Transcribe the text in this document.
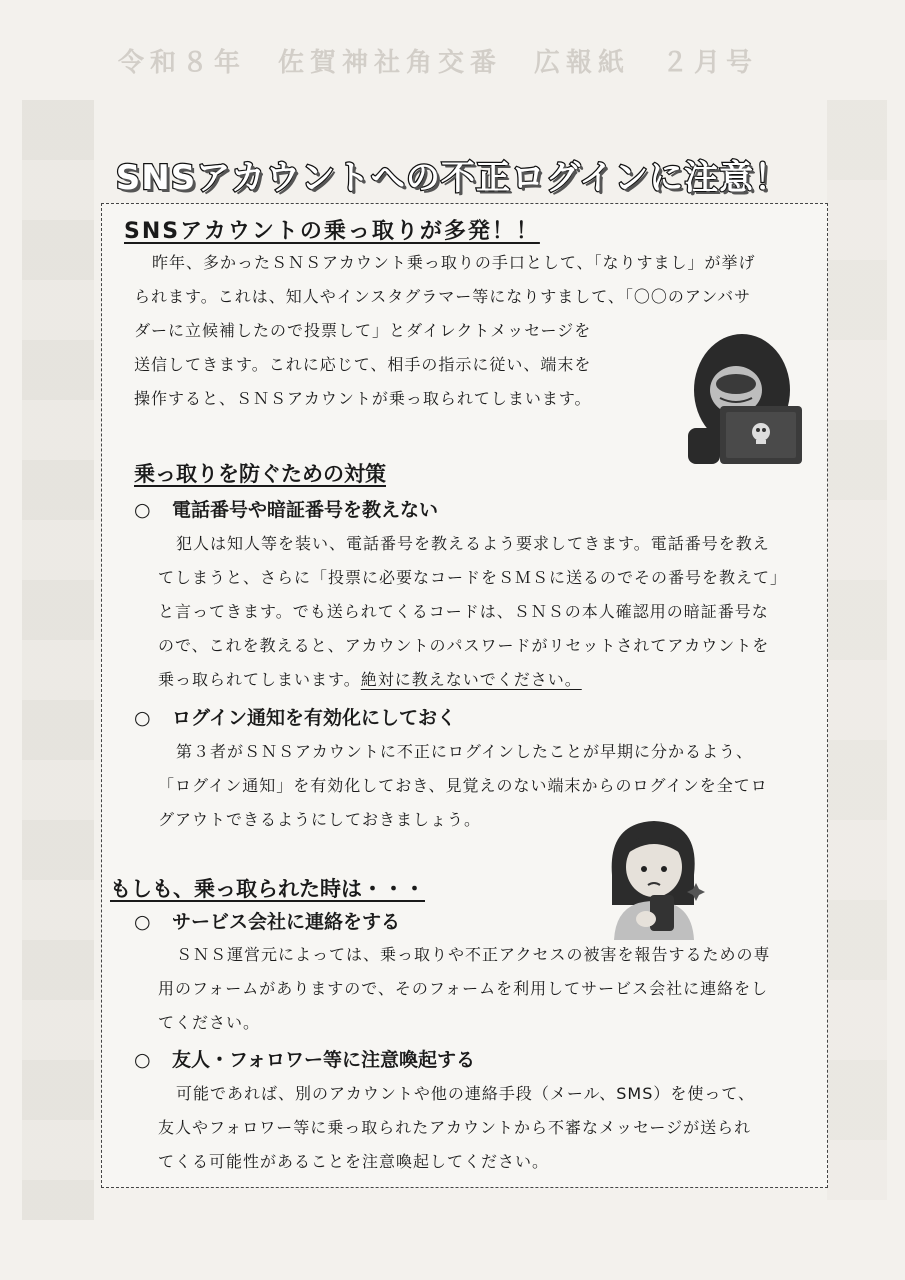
令和８年　佐賀神社角交番　広報紙　２月号
SNSアカウントへの不正ログインに注意！
SNSアカウントの乗っ取りが多発！！

昨年、多かったＳＮＳアカウント乗っ取りの手口として、「なりすまし」が挙げ
られます。これは、知人やインスタグラマー等になりすまして、「〇〇のアンバサ
ダーに立候補したので投票して」とダイレクトメッセージを
送信してきます。これに応じて、相手の指示に従い、端末を
操作すると、ＳＮＳアカウントが乗っ取られてしまいます。

乗っ取りを防ぐための対策
○ 電話番号や暗証番号を教えない

犯人は知人等を装い、電話番号を教えるよう要求してきます。電話番号を教え
てしまうと、さらに「投票に必要なコードをＳＭＳに送るのでその番号を教えて」
と言ってきます。でも送られてくるコードは、ＳＮＳの本人確認用の暗証番号な
ので、これを教えると、アカウントのパスワードがリセットされてアカウントを
乗っ取られてしまいます。絶対に教えないでください。

○ ログイン通知を有効化にしておく

第３者がＳＮＳアカウントに不正にログインしたことが早期に分かるよう、
「ログイン通知」を有効化しておき、見覚えのない端末からのログインを全てロ
グアウトできるようにしておきましょう。

もしも、乗っ取られた時は・・・
○ サービス会社に連絡をする

ＳＮＳ運営元によっては、乗っ取りや不正アクセスの被害を報告するための専
用のフォームがありますので、そのフォームを利用してサービス会社に連絡をし
てください。

○ 友人・フォロワー等に注意喚起する

可能であれば、別のアカウントや他の連絡手段（メール、SMS）を使って、
友人やフォロワー等に乗っ取られたアカウントから不審なメッセージが送られ
てくる可能性があることを注意喚起してください。
